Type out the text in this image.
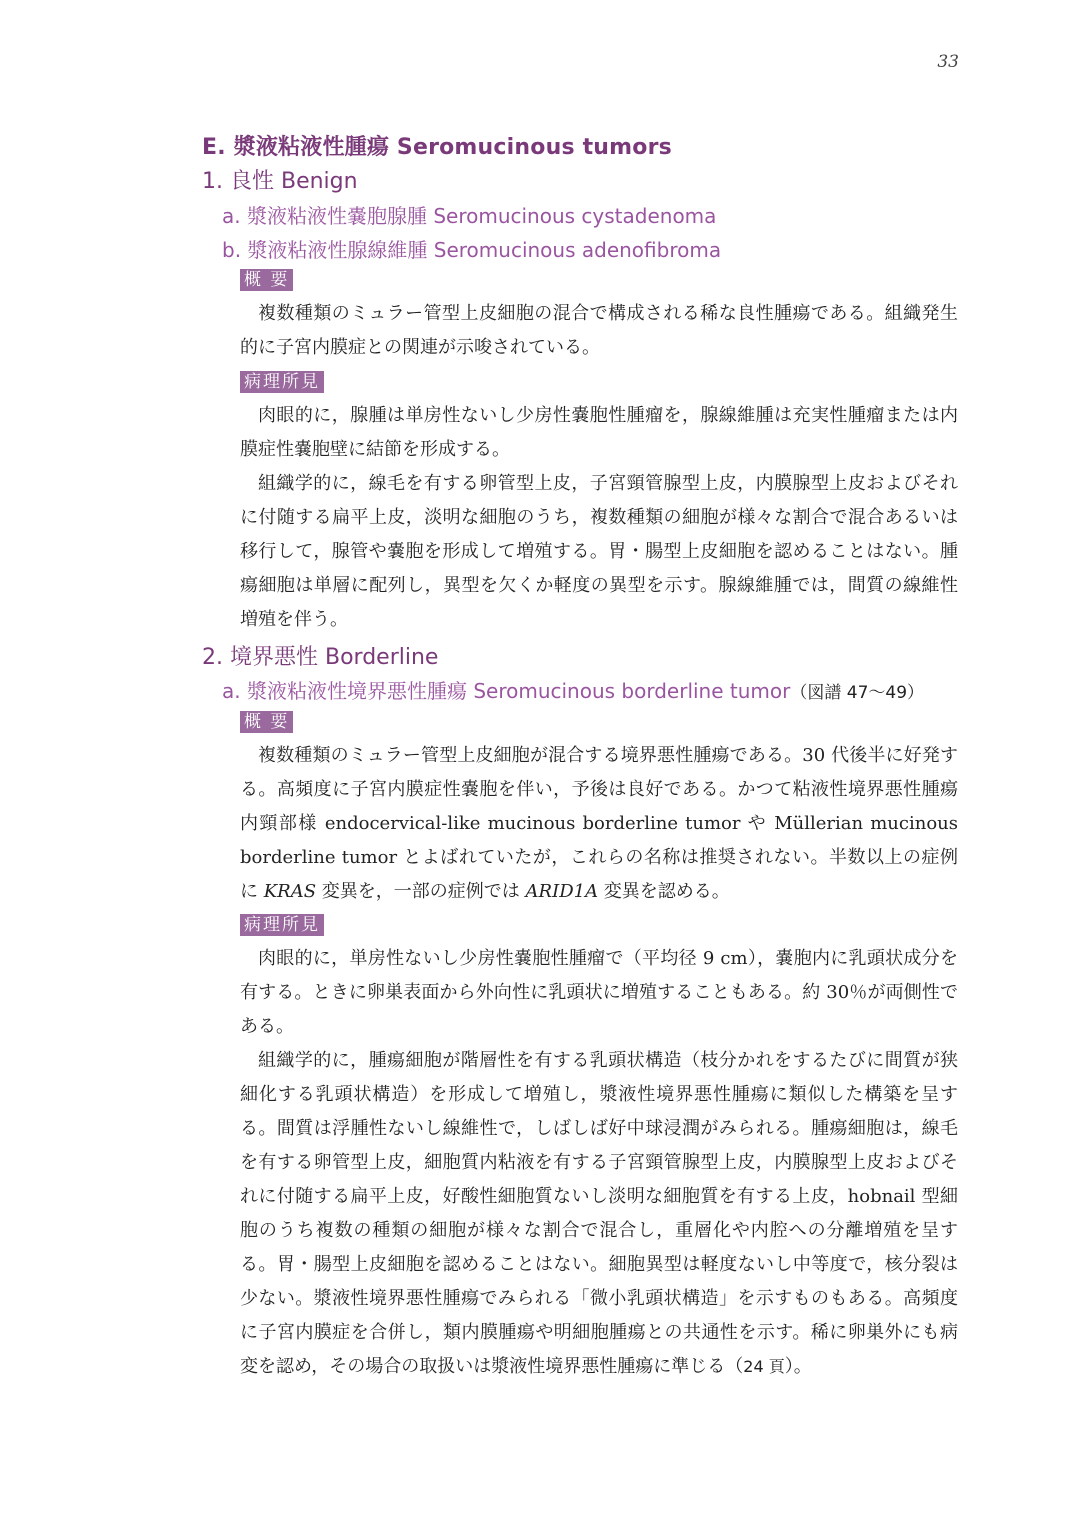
33
E. 漿液粘液性腫瘍 Seromucinous tumors
1. 良性 Benign
a. 漿液粘液性嚢胞腺腫 Seromucinous cystadenoma
b. 漿液粘液性腺線維腫 Seromucinous adenofibroma
概 要

複数種類のミュラー管型上皮細胞の混合で構成される稀な良性腫瘍である。組織発生的に子宮内膜症との関連が示唆されている。

病理所見

肉眼的に，腺腫は単房性ないし少房性嚢胞性腫瘤を，腺線維腫は充実性腫瘤または内膜症性嚢胞壁に結節を形成する。

組織学的に，線毛を有する卵管型上皮，子宮頸管腺型上皮，内膜腺型上皮およびそれに付随する扁平上皮，淡明な細胞のうち，複数種類の細胞が様々な割合で混合あるいは移行して，腺管や嚢胞を形成して増殖する。胃・腸型上皮細胞を認めることはない。腫瘍細胞は単層に配列し，異型を欠くか軽度の異型を示す。腺線維腫では，間質の線維性増殖を伴う。

2. 境界悪性 Borderline
a. 漿液粘液性境界悪性腫瘍 Seromucinous borderline tumor（図譜 47〜49）
概 要

複数種類のミュラー管型上皮細胞が混合する境界悪性腫瘍である。30 代後半に好発する。高頻度に子宮内膜症性嚢胞を伴い，予後は良好である。かつて粘液性境界悪性腫瘍内頸部様 endocervical-like mucinous borderline tumor や Müllerian mucinous borderline tumor とよばれていたが，これらの名称は推奨されない。半数以上の症例に KRAS 変異を，一部の症例では ARID1A 変異を認める。

病理所見

肉眼的に，単房性ないし少房性嚢胞性腫瘤で（平均径 9 cm），嚢胞内に乳頭状成分を有する。ときに卵巣表面から外向性に乳頭状に増殖することもある。約 30％が両側性である。

組織学的に，腫瘍細胞が階層性を有する乳頭状構造（枝分かれをするたびに間質が狭細化する乳頭状構造）を形成して増殖し，漿液性境界悪性腫瘍に類似した構築を呈する。間質は浮腫性ないし線維性で，しばしば好中球浸潤がみられる。腫瘍細胞は，線毛を有する卵管型上皮，細胞質内粘液を有する子宮頸管腺型上皮，内膜腺型上皮およびそれに付随する扁平上皮，好酸性細胞質ないし淡明な細胞質を有する上皮，hobnail 型細胞のうち複数の種類の細胞が様々な割合で混合し，重層化や内腔への分離増殖を呈する。胃・腸型上皮細胞を認めることはない。細胞異型は軽度ないし中等度で，核分裂は少ない。漿液性境界悪性腫瘍でみられる「微小乳頭状構造」を示すものもある。高頻度に子宮内膜症を合併し，類内膜腫瘍や明細胞腫瘍との共通性を示す。稀に卵巣外にも病変を認め，その場合の取扱いは漿液性境界悪性腫瘍に準じる（24 頁）。
